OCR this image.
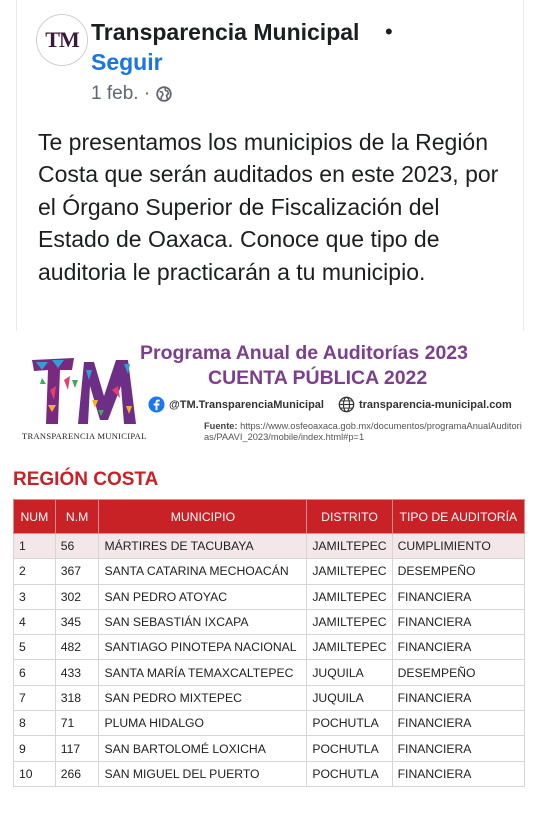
TM Transparencia Municipal •
Seguir
1 feb. ·

Te presentamos los municipios de la Región Costa que serán auditados en este 2023, por el Órgano Superior de Fiscalización del Estado de Oaxaca. Conoce que tipo de auditoria le practicarán a tu municipio.

TRANSPARENCIA MUNICIPAL
Programa Anual de Auditorías 2023
CUENTA PÚBLICA 2022
@TM.TransparenciaMunicipal	transparencia-municipal.com
Fuente: https://www.osfeoaxaca.gob.mx/documentos/programaAnualAuditorias/PAAVI_2023/mobile/index.html#p=1
REGIÓN COSTA
NUM	N.M	MUNICIPIO	DISTRITO	TIPO DE AUDITORÍA
1	56	MÁRTIRES DE TACUBAYA	JAMILTEPEC	CUMPLIMIENTO
2	367	SANTA CATARINA MECHOACÁN	JAMILTEPEC	DESEMPEÑO
3	302	SAN PEDRO ATOYAC	JAMILTEPEC	FINANCIERA
4	345	SAN SEBASTIÁN IXCAPA	JAMILTEPEC	FINANCIERA
5	482	SANTIAGO PINOTEPA NACIONAL	JAMILTEPEC	FINANCIERA
6	433	SANTA MARÍA TEMAXCALTEPEC	JUQUILA	DESEMPEÑO
7	318	SAN PEDRO MIXTEPEC	JUQUILA	FINANCIERA
8	71	PLUMA HIDALGO	POCHUTLA	FINANCIERA
9	117	SAN BARTOLOMÉ LOXICHA	POCHUTLA	FINANCIERA
10	266	SAN MIGUEL DEL PUERTO	POCHUTLA	FINANCIERA
